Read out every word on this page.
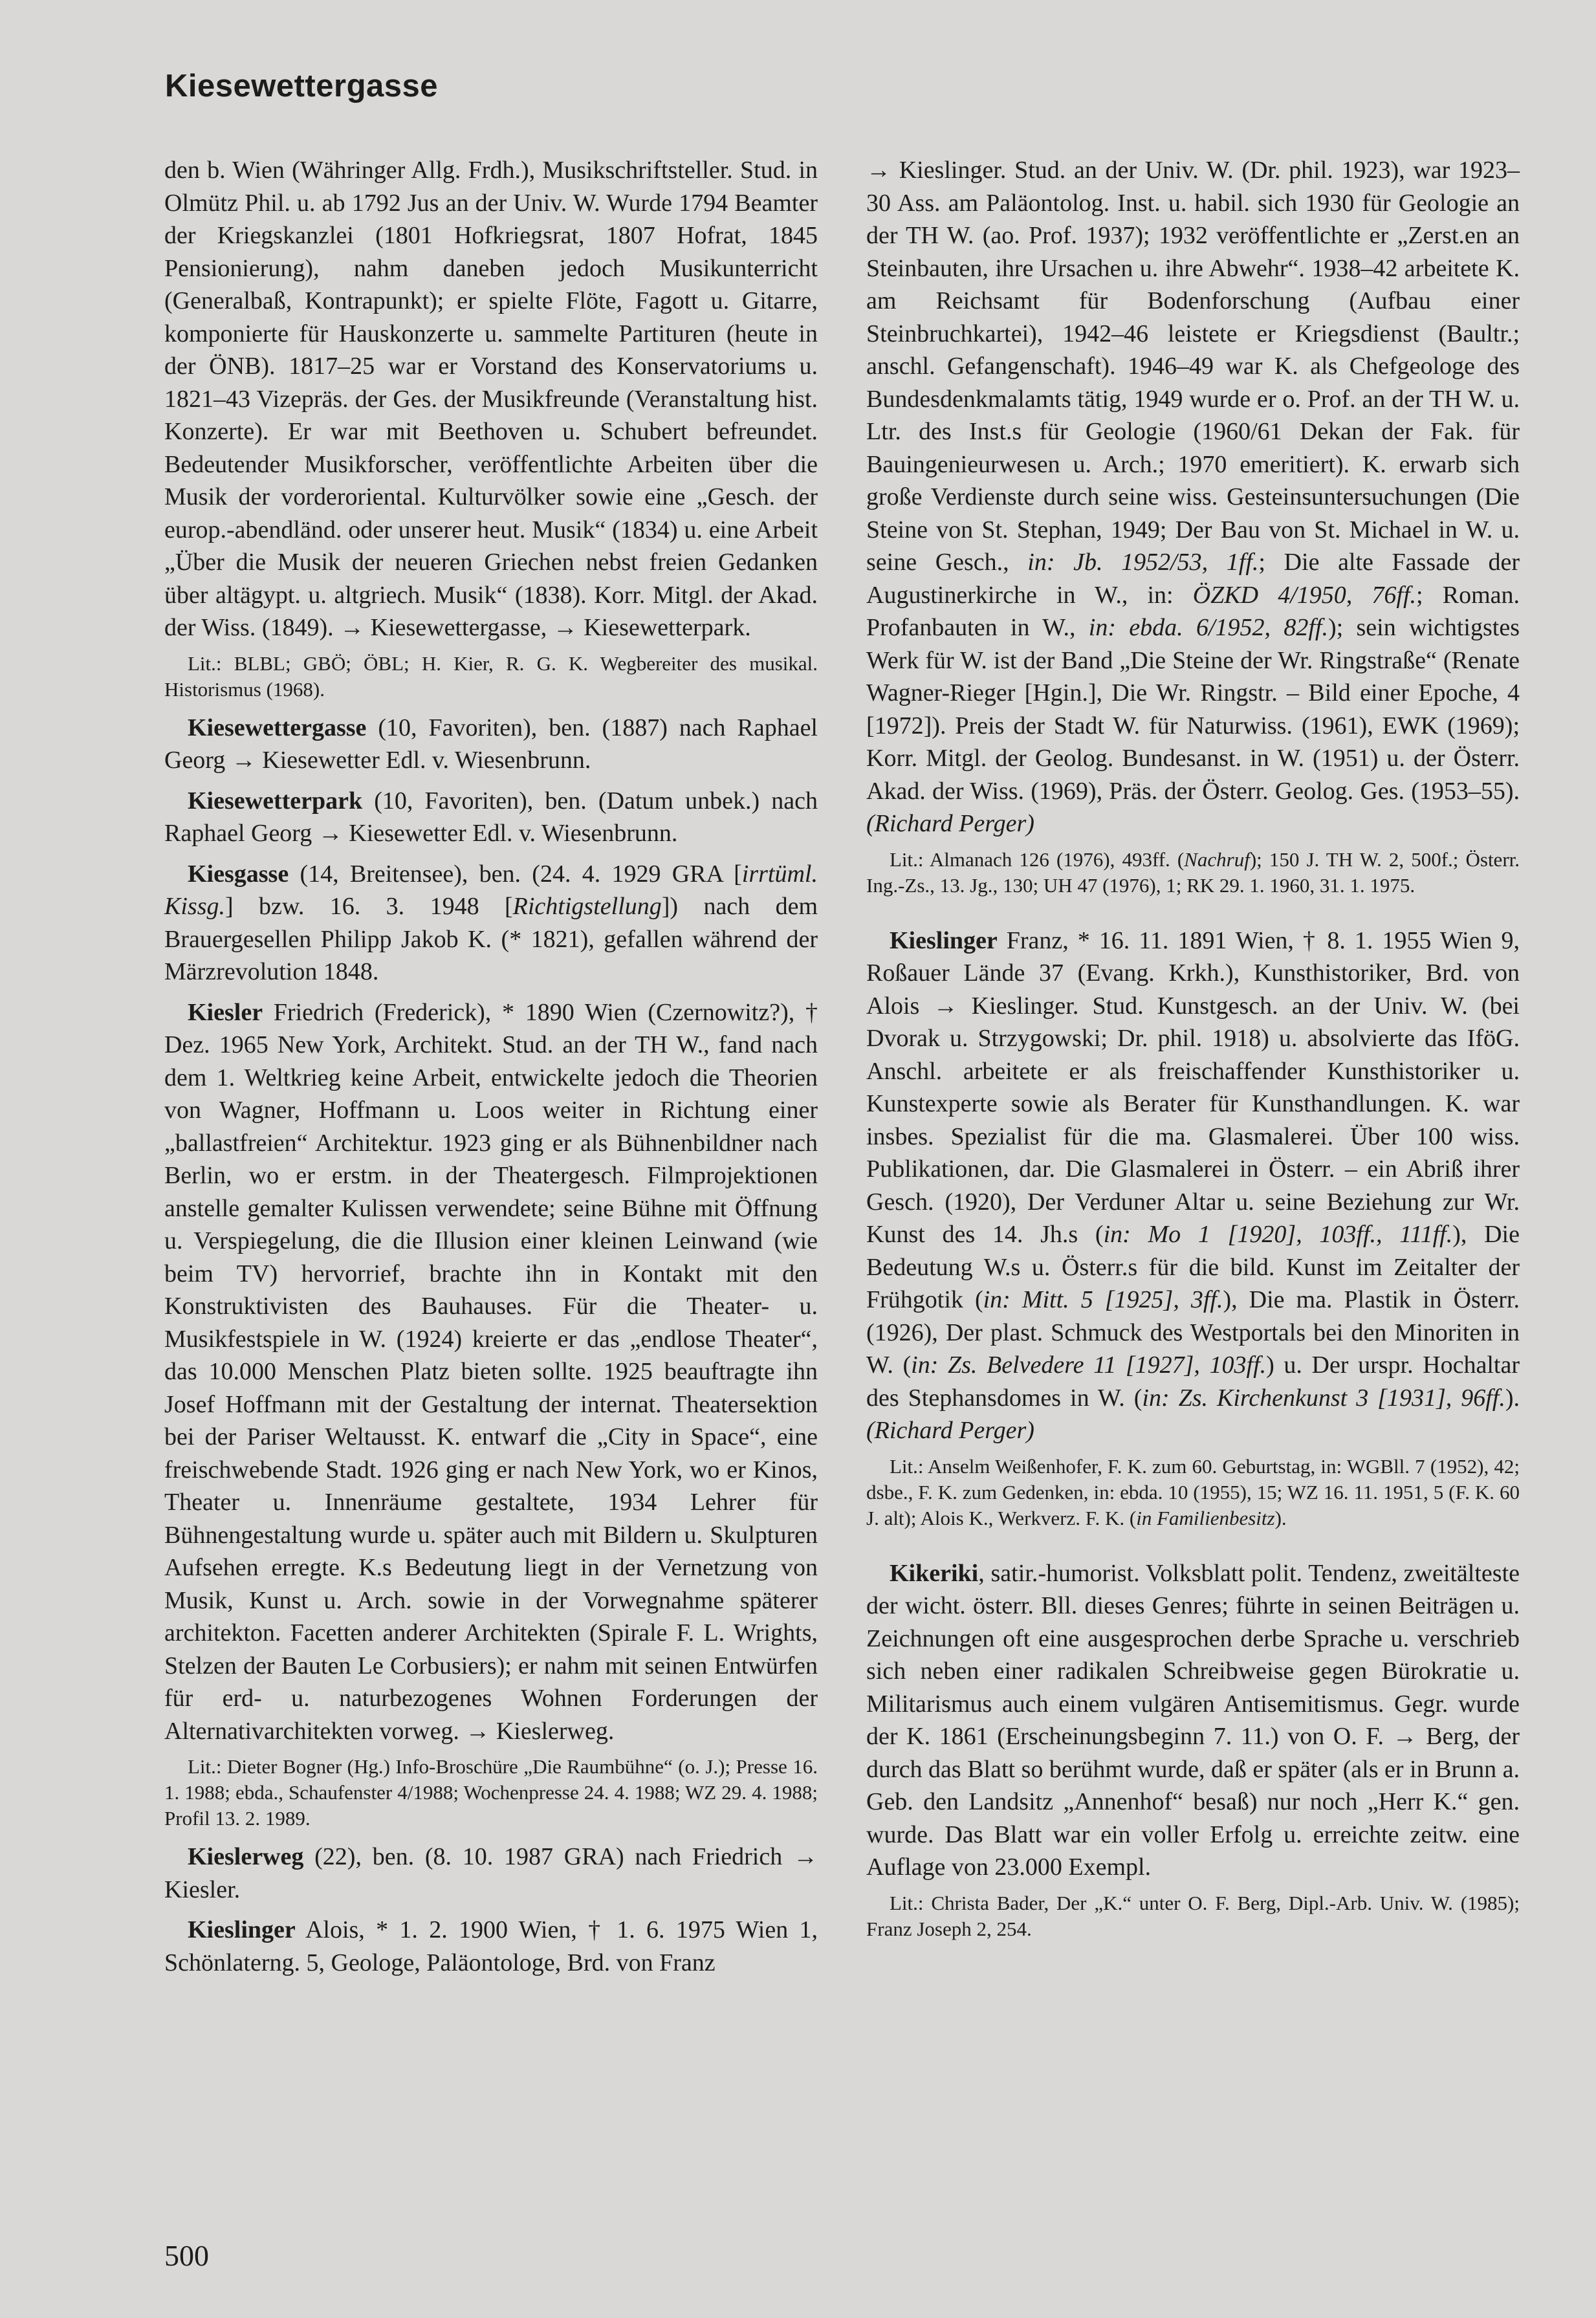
Kiesewettergasse

den b. Wien (Währinger Allg. Frdh.), Musikschriftsteller. Stud. in Olmütz Phil. u. ab 1792 Jus an der Univ. W. Wurde 1794 Beamter der Kriegskanzlei (1801 Hofkriegsrat, 1807 Hofrat, 1845 Pensionierung), nahm daneben jedoch Musikunterricht (Generalbaß, Kontrapunkt); er spielte Flöte, Fagott u. Gitarre, komponierte für Hauskonzerte u. sammelte Partituren (heute in der ÖNB). 1817–25 war er Vorstand des Konservatoriums u. 1821–43 Vizepräs. der Ges. der Musikfreunde (Veranstaltung hist. Konzerte). Er war mit Beethoven u. Schubert befreundet. Bedeutender Musikforscher, veröffentlichte Arbeiten über die Musik der vorderoriental. Kulturvölker sowie eine „Gesch. der europ.-abendländ. oder unserer heut. Musik“ (1834) u. eine Arbeit „Über die Musik der neueren Griechen nebst freien Gedanken über altägypt. u. altgriech. Musik“ (1838). Korr. Mitgl. der Akad. der Wiss. (1849). → Kiesewettergasse, → Kiesewetterpark.

Lit.: BLBL; GBÖ; ÖBL; H. Kier, R. G. K. Wegbereiter des musikal. Historismus (1968).

Kiesewettergasse (10, Favoriten), ben. (1887) nach Raphael Georg → Kiesewetter Edl. v. Wiesenbrunn.

Kiesewetterpark (10, Favoriten), ben. (Datum unbek.) nach Raphael Georg → Kiesewetter Edl. v. Wiesenbrunn.

Kiesgasse (14, Breitensee), ben. (24. 4. 1929 GRA [irrtüml. Kissg.] bzw. 16. 3. 1948 [Richtigstellung]) nach dem Brauergesellen Philipp Jakob K. (* 1821), gefallen während der Märzrevolution 1848.

Kiesler Friedrich (Frederick), * 1890 Wien (Czernowitz?), † Dez. 1965 New York, Architekt. Stud. an der TH W., fand nach dem 1. Weltkrieg keine Arbeit, entwickelte jedoch die Theorien von Wagner, Hoffmann u. Loos weiter in Richtung einer „ballastfreien“ Architektur. 1923 ging er als Bühnenbildner nach Berlin, wo er erstm. in der Theatergesch. Filmprojektionen anstelle gemalter Kulissen verwendete; seine Bühne mit Öffnung u. Verspiegelung, die die Illusion einer kleinen Leinwand (wie beim TV) hervorrief, brachte ihn in Kontakt mit den Konstruktivisten des Bauhauses. Für die Theater- u. Musikfestspiele in W. (1924) kreierte er das „endlose Theater“, das 10.000 Menschen Platz bieten sollte. 1925 beauftragte ihn Josef Hoffmann mit der Gestaltung der internat. Theatersektion bei der Pariser Weltausst. K. entwarf die „City in Space“, eine freischwebende Stadt. 1926 ging er nach New York, wo er Kinos, Theater u. Innenräume gestaltete, 1934 Lehrer für Bühnengestaltung wurde u. später auch mit Bildern u. Skulpturen Aufsehen erregte. K.s Bedeutung liegt in der Vernetzung von Musik, Kunst u. Arch. sowie in der Vorwegnahme späterer architekton. Facetten anderer Architekten (Spirale F. L. Wrights, Stelzen der Bauten Le Corbusiers); er nahm mit seinen Entwürfen für erd- u. naturbezogenes Wohnen Forderungen der Alternativarchitekten vorweg. → Kieslerweg.

Lit.: Dieter Bogner (Hg.) Info-Broschüre „Die Raumbühne“ (o. J.); Presse 16. 1. 1988; ebda., Schaufenster 4/1988; Wochenpresse 24. 4. 1988; WZ 29. 4. 1988; Profil 13. 2. 1989.

Kieslerweg (22), ben. (8. 10. 1987 GRA) nach Friedrich → Kiesler.

Kieslinger Alois, * 1. 2. 1900 Wien, † 1. 6. 1975 Wien 1, Schönlaterng. 5, Geologe, Paläontologe, Brd. von Franz

→ Kieslinger. Stud. an der Univ. W. (Dr. phil. 1923), war 1923–30 Ass. am Paläontolog. Inst. u. habil. sich 1930 für Geologie an der TH W. (ao. Prof. 1937); 1932 veröffentlichte er „Zerst.en an Steinbauten, ihre Ursachen u. ihre Abwehr“. 1938–42 arbeitete K. am Reichsamt für Bodenforschung (Aufbau einer Steinbruchkartei), 1942–46 leistete er Kriegsdienst (Baultr.; anschl. Gefangenschaft). 1946–49 war K. als Chefgeologe des Bundesdenkmalamts tätig, 1949 wurde er o. Prof. an der TH W. u. Ltr. des Inst.s für Geologie (1960/61 Dekan der Fak. für Bauingenieurwesen u. Arch.; 1970 emeritiert). K. erwarb sich große Verdienste durch seine wiss. Gesteinsuntersuchungen (Die Steine von St. Stephan, 1949; Der Bau von St. Michael in W. u. seine Gesch., in: Jb. 1952/53, 1ff.; Die alte Fassade der Augustinerkirche in W., in: ÖZKD 4/1950, 76ff.; Roman. Profanbauten in W., in: ebda. 6/1952, 82ff.); sein wichtigstes Werk für W. ist der Band „Die Steine der Wr. Ringstraße“ (Renate Wagner-Rieger [Hgin.], Die Wr. Ringstr. – Bild einer Epoche, 4 [1972]). Preis der Stadt W. für Naturwiss. (1961), EWK (1969); Korr. Mitgl. der Geolog. Bundesanst. in W. (1951) u. der Österr. Akad. der Wiss. (1969), Präs. der Österr. Geolog. Ges. (1953–55). (Richard Perger)

Lit.: Almanach 126 (1976), 493ff. (Nachruf); 150 J. TH W. 2, 500f.; Österr. Ing.-Zs., 13. Jg., 130; UH 47 (1976), 1; RK 29. 1. 1960, 31. 1. 1975.

Kieslinger Franz, * 16. 11. 1891 Wien, † 8. 1. 1955 Wien 9, Roßauer Lände 37 (Evang. Krkh.), Kunsthistoriker, Brd. von Alois → Kieslinger. Stud. Kunstgesch. an der Univ. W. (bei Dvorak u. Strzygowski; Dr. phil. 1918) u. absolvierte das IföG. Anschl. arbeitete er als freischaffender Kunsthistoriker u. Kunstexperte sowie als Berater für Kunsthandlungen. K. war insbes. Spezialist für die ma. Glasmalerei. Über 100 wiss. Publikationen, dar. Die Glasmalerei in Österr. – ein Abriß ihrer Gesch. (1920), Der Verduner Altar u. seine Beziehung zur Wr. Kunst des 14. Jh.s (in: Mo 1 [1920], 103ff., 111ff.), Die Bedeutung W.s u. Österr.s für die bild. Kunst im Zeitalter der Frühgotik (in: Mitt. 5 [1925], 3ff.), Die ma. Plastik in Österr. (1926), Der plast. Schmuck des Westportals bei den Minoriten in W. (in: Zs. Belvedere 11 [1927], 103ff.) u. Der urspr. Hochaltar des Stephansdomes in W. (in: Zs. Kirchenkunst 3 [1931], 96ff.). (Richard Perger)

Lit.: Anselm Weißenhofer, F. K. zum 60. Geburtstag, in: WGBll. 7 (1952), 42; dsbe., F. K. zum Gedenken, in: ebda. 10 (1955), 15; WZ 16. 11. 1951, 5 (F. K. 60 J. alt); Alois K., Werkverz. F. K. (in Familienbesitz).

Kikeriki, satir.-humorist. Volksblatt polit. Tendenz, zweitälteste der wicht. österr. Bll. dieses Genres; führte in seinen Beiträgen u. Zeichnungen oft eine ausgesprochen derbe Sprache u. verschrieb sich neben einer radikalen Schreibweise gegen Bürokratie u. Militarismus auch einem vulgären Antisemitismus. Gegr. wurde der K. 1861 (Erscheinungsbeginn 7. 11.) von O. F. → Berg, der durch das Blatt so berühmt wurde, daß er später (als er in Brunn a. Geb. den Landsitz „Annenhof“ besaß) nur noch „Herr K.“ gen. wurde. Das Blatt war ein voller Erfolg u. erreichte zeitw. eine Auflage von 23.000 Exempl.

Lit.: Christa Bader, Der „K.“ unter O. F. Berg, Dipl.-Arb. Univ. W. (1985); Franz Joseph 2, 254.

500
